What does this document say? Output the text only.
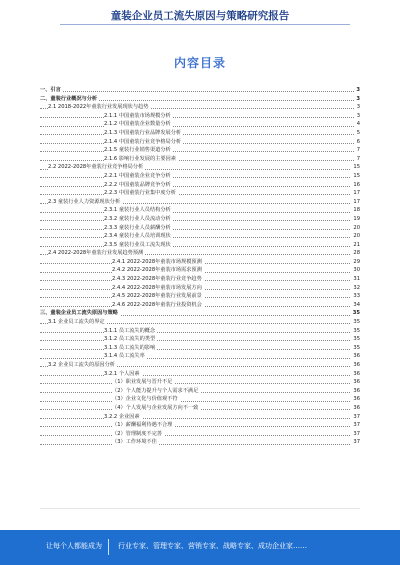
童装企业员工流失原因与策略研究报告
内容目录
一、引言	3
二、童装行业概况与分析	3
2.1 2018-2022年童装行业发展现状与趋势	3
2.1.1 中国童装市场规模分析	3
2.1.2 中国童装企业数量分析	4
2.1.3 中国童装行业品牌发展分析	5
2.1.4 中国童装行业竞争格局分析	6
2.1.5 童装行业销售渠道分析	7
2.1.6 影响行业发展的主要因素	7
2.2 2022-2028年童装行业竞争格局分析	15
2.2.1 中国童装企业竞争分析	15
2.2.2 中国童装品牌竞争分析	16
2.2.3 中国童装行业集中度分析	17
2.3 童装行业人力资源现状分析	17
2.3.1 童装行业人员结构分析	18
2.3.2 童装行业人员流动分析	19
2.3.3 童装行业人员薪酬分析	20
2.3.4 童装行业人员培训现状	20
2.3.5 童装行业员工流失现状	21
2.4 2022-2028年童装行业发展趋势预测	28
2.4.1 2022-2028年童装市场规模预测	29
2.4.2 2022-2028年童装市场需求预测	30
2.4.3 2022-2028年童装行业竞争趋势	31
2.4.4 2022-2028年童装市场发展方向	32
2.4.5 2022-2028年童装行业发展前景	33
2.4.6 2022-2028年童装行业投资机会	34
三、童装企业员工流失原因与策略	35
3.1 企业员工流失的界定	35
3.1.1 员工流失的概念	35
3.1.2 员工流失的类型	35
3.1.3 员工流失的影响	35
3.1.4 员工流失率	36
3.2 企业员工流失的原因分析	36
3.2.1 个人因素	36
（1）职业发展与晋升不足	36
（2）个人能力提升与个人需求不满足	36
（3）企业文化与价值观不符	36
（4）个人发展与企业发展方向不一致	36
3.2.2 企业因素	37
（1）薪酬福利待遇不合理	37
（2）管理制度不完善	37
（3）工作环境不佳	37
让每个人都能成为 行业专家、管理专家、营销专家、战略专家、成功企业家……
